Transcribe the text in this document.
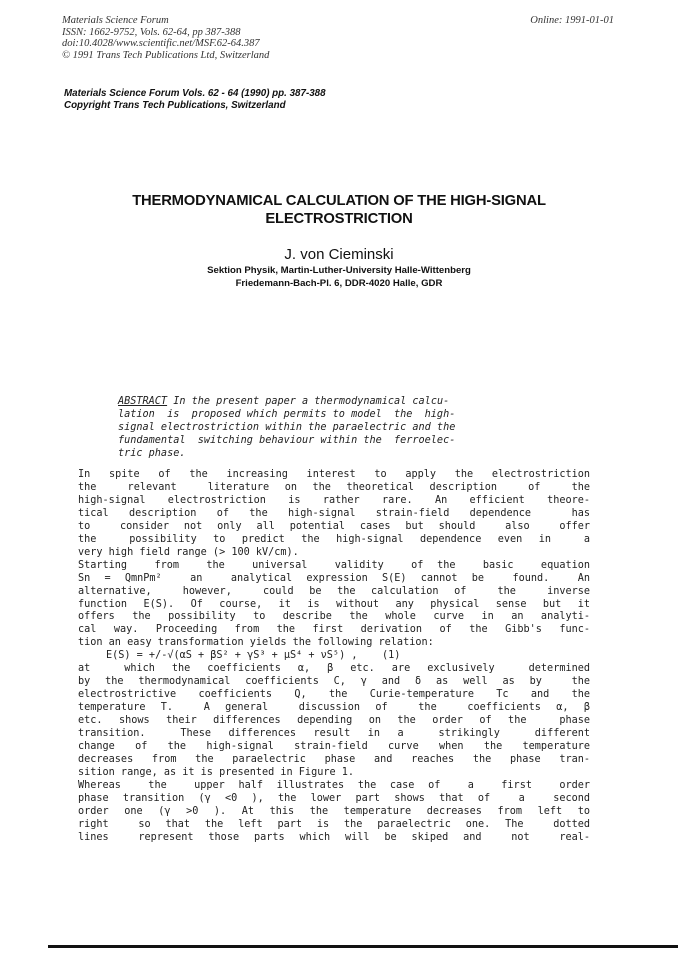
Materials Science Forum
ISSN: 1662-9752, Vols. 62-64, pp 387-388
doi:10.4028/www.scientific.net/MSF.62-64.387
© 1991 Trans Tech Publications Ltd, Switzerland
Online: 1991-01-01
Materials Science Forum Vols. 62 - 64 (1990) pp. 387-388
Copyright Trans Tech Publications, Switzerland
THERMODYNAMICAL CALCULATION OF THE HIGH-SIGNAL
ELECTROSTRICTION
J. von Cieminski
Sektion Physik, Martin-Luther-University Halle-Wittenberg
Friedemann-Bach-Pl. 6, DDR-4020 Halle, GDR
ABSTRACT In the present paper a thermodynamical calcu-
lation  is  proposed which permits to model  the  high-
signal electrostriction within the paraelectric and the
fundamental  switching behaviour within the  ferroelec-
tric phase.
In spite of the increasing interest to apply the electrostriction
the  relevant  literature on the theoretical description  of  the
high-signal electrostriction is rather rare. An efficient theore-
tical description of the high-signal strain-field dependence  has
to  consider not only all potential cases but should  also  offer
the  possibility to predict the high-signal dependence even in  a
very high field range (> 100 kV/cm).
Starting  from  the  universal  validity  of the  basic  equation
Sn = QmnPm²  an  analytical expression S(E) cannot be  found.  An
alternative,  however,  could be the calculation of  the  inverse
function E(S). Of course, it is without any physical sense but it
offers the possibility to describe the whole curve in an analyti-
cal way. Proceeding from the first derivation of the Gibb's func-
tion an easy transformation yields the following relation:
E(S) = +/-√(αS + βS² + γS³ + μS⁴ + νS⁵) ,    (1)
at  which the coefficients α, β etc. are exclusively  determined
by the thermodynamical coefficients C, γ and δ as well as by  the
electrostrictive coefficients Q, the Curie-temperature Tc and the
temperature T.  A general  discussion of  the  coefficients α, β
etc. shows their differences depending on the order of the  phase
transition.  These differences result in a  strikingly  different
change of the high-signal strain-field curve when the temperature
decreases from the paraelectric phase and reaches the phase tran-
sition range, as it is presented in Figure 1.
Whereas  the  upper half illustrates the case of  a  first  order
phase transition (γ <0 ), the lower part shows that of  a  second
order one (γ >0 ). At this the temperature decreases from left to
right  so that the left part is the paraelectric one. The  dotted
lines  represent those parts which will be skiped and  not  real-
